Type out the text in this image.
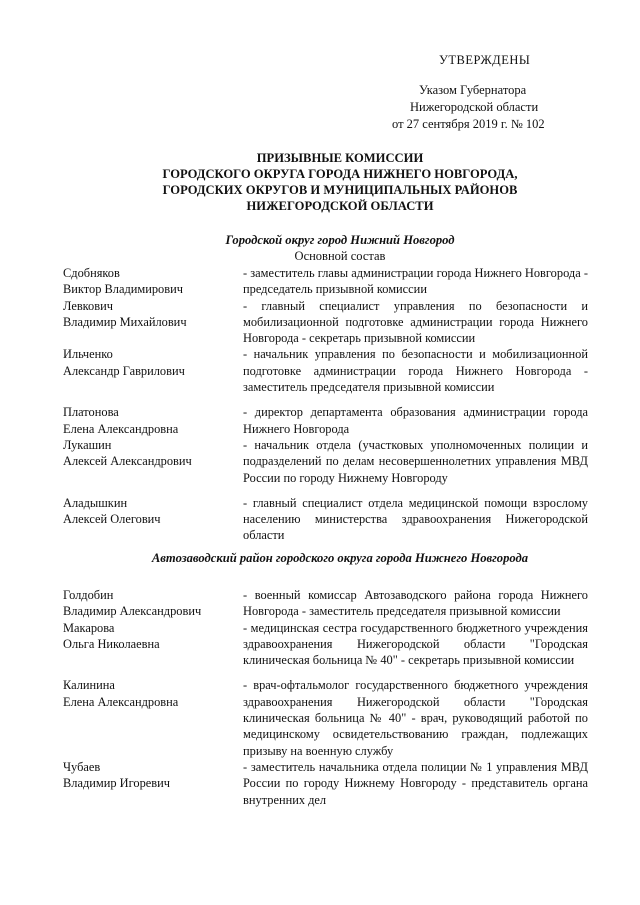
УТВЕРЖДЕНЫ
Указом Губернатора
Нижегородской области
от 27 сентября 2019 г. № 102
ПРИЗЫВНЫЕ КОМИССИИ
ГОРОДСКОГО ОКРУГА ГОРОДА НИЖНЕГО НОВГОРОДА,
ГОРОДСКИХ ОКРУГОВ И МУНИЦИПАЛЬНЫХ РАЙОНОВ
НИЖЕГОРОДСКОЙ ОБЛАСТИ
Городской округ город Нижний Новгород
Основной состав
Сдобняков
Виктор Владимирович
- заместитель главы администрации города Нижнего Новгорода - председатель призывной комиссии
Левкович
Владимир Михайлович
- главный специалист управления по безопасности и мобилизационной подготовке администрации города Нижнего Новгорода - секретарь призывной комиссии
Ильченко
Александр Гаврилович
- начальник управления по безопасности и мобилизационной подготовке администрации города Нижнего Новгорода - заместитель председателя призывной комиссии
Платонова
Елена Александровна
- директор департамента образования администрации города Нижнего Новгорода
Лукашин
Алексей Александрович
- начальник отдела (участковых уполномоченных полиции и подразделений по делам несовершеннолетних управления МВД России по городу Нижнему Новгороду
Аладышкин
Алексей Олегович
- главный специалист отдела медицинской помощи взрослому населению министерства здравоохранения Нижегородской области
Автозаводский район городского округа города Нижнего Новгорода
Голдобин
Владимир Александрович
- военный комиссар Автозаводского района города Нижнего Новгорода - заместитель председателя призывной комиссии
Макарова
Ольга Николаевна
- медицинская сестра государственного бюджетного учреждения здравоохранения Нижегородской области "Городская клиническая больница № 40" - секретарь призывной комиссии
Калинина
Елена Александровна
- врач-офтальмолог государственного бюджетного учреждения здравоохранения Нижегородской области "Городская клиническая больница № 40" - врач, руководящий работой по медицинскому освидетельствованию граждан, подлежащих призыву на военную службу
Чубаев
Владимир Игоревич
- заместитель начальника отдела полиции № 1 управления МВД России по городу Нижнему Новгороду - представитель органа внутренних дел
